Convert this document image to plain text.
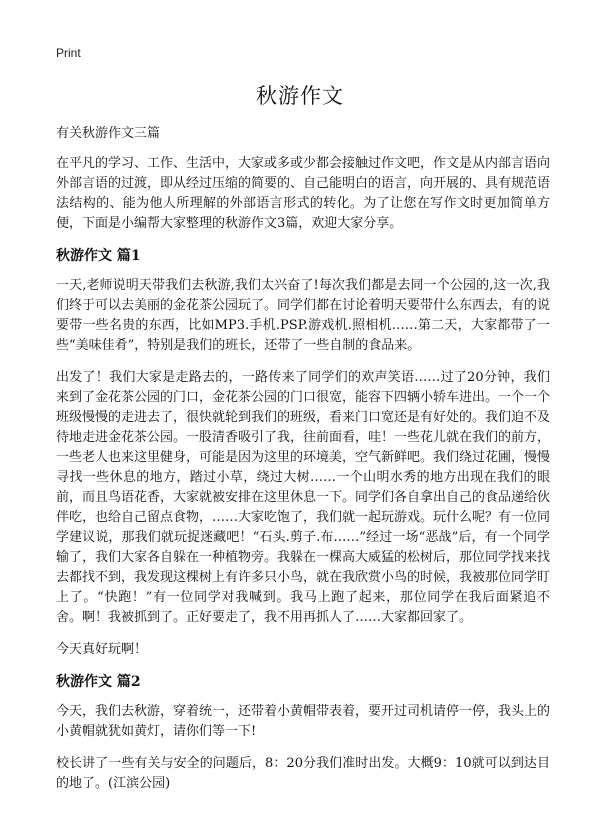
Print
秋游作文
有关秋游作文三篇

在平凡的学习、工作、生活中，大家或多或少都会接触过作文吧，作文是从内部言语向外部言语的过渡，即从经过压缩的简要的、自己能明白的语言，向开展的、具有规范语法结构的、能为他人所理解的外部语言形式的转化。为了让您在写作文时更加简单方便，下面是小编帮大家整理的秋游作文3篇，欢迎大家分享。

秋游作文 篇1

一天,老师说明天带我们去秋游,我们太兴奋了!每次我们都是去同一个公园的,这一次,我们终于可以去美丽的金花茶公园玩了。同学们都在讨论着明天要带什么东西去，有的说要带一些名贵的东西，比如MP3.手机.PSP.游戏机.照相机……第二天，大家都带了一些“美味佳肴”，特别是我们的班长，还带了一些自制的食品来。

出发了！我们大家是走路去的，一路传来了同学们的欢声笑语……过了20分钟，我们来到了金花茶公园的门口，金花茶公园的门口很宽，能容下四辆小轿车进出。一个一个班级慢慢的走进去了，很快就轮到我们的班级，看来门口宽还是有好处的。我们迫不及待地走进金花茶公园。一股清香吸引了我，往前面看，哇！一些花儿就在我们的前方，一些老人也来这里健身，可能是因为这里的环境美，空气新鲜吧。我们绕过花圃，慢慢寻找一些休息的地方，踏过小草，绕过大树……一个山明水秀的地方出现在我们的眼前，而且鸟语花香，大家就被安排在这里休息一下。同学们各自拿出自己的食品递给伙伴吃，也给自己留点食物，……大家吃饱了，我们就一起玩游戏。玩什么呢？有一位同学建议说，那我们就玩捉迷藏吧！“石头.剪子.布……”经过一场“恶战”后，有一个同学输了，我们大家各自躲在一种植物旁。我躲在一棵高大威猛的松树后，那位同学找来找去都找不到，我发现这棵树上有许多只小鸟，就在我欣赏小鸟的时候，我被那位同学盯上了。“快跑！”有一位同学对我喊到。我马上跑了起来，那位同学在我后面紧追不舍。啊！我被抓到了。正好要走了，我不用再抓人了……大家都回家了。

今天真好玩啊！

秋游作文 篇2

今天，我们去秋游，穿着统一，还带着小黄帽带表着，要开过司机请停一停，我头上的小黄帽就犹如黄灯，请你们等一下!

校长讲了一些有关与安全的问题后，8：20分我们准时出发。大概9：10就可以到达目的地了。(江滨公园)
